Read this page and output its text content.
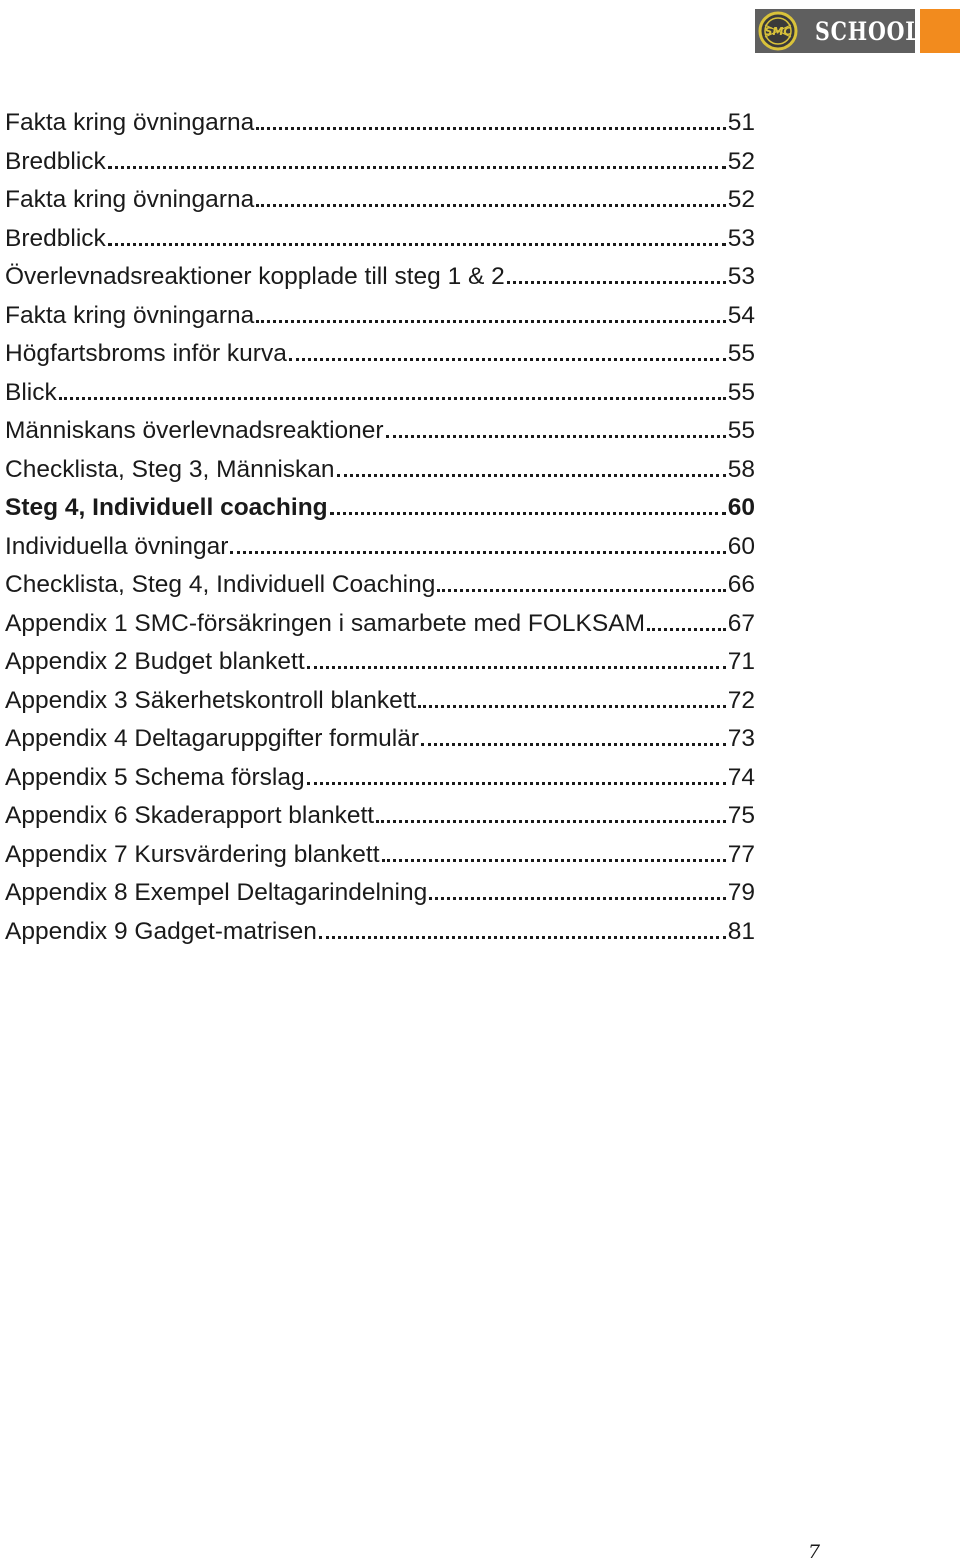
SMC SCHOOL
Fakta kring övningarna	51
Bredblick	52
Fakta kring övningarna	52
Bredblick	53
Överlevnadsreaktioner kopplade till steg 1 & 2	53
Fakta kring övningarna	54
Högfartsbroms inför kurva	55
Blick	55
Människans överlevnadsreaktioner	55
Checklista, Steg 3, Människan	58
Steg 4, Individuell coaching	60
Individuella övningar	60
Checklista, Steg 4, Individuell Coaching	66
Appendix 1 SMC-försäkringen i samarbete med FOLKSAM	67
Appendix 2 Budget blankett	71
Appendix 3 Säkerhetskontroll blankett	72
Appendix 4 Deltagaruppgifter formulär	73
Appendix 5 Schema förslag	74
Appendix 6 Skaderapport blankett	75
Appendix 7 Kursvärdering blankett	77
Appendix 8 Exempel Deltagarindelning	79
Appendix 9 Gadget-matrisen	81
7
